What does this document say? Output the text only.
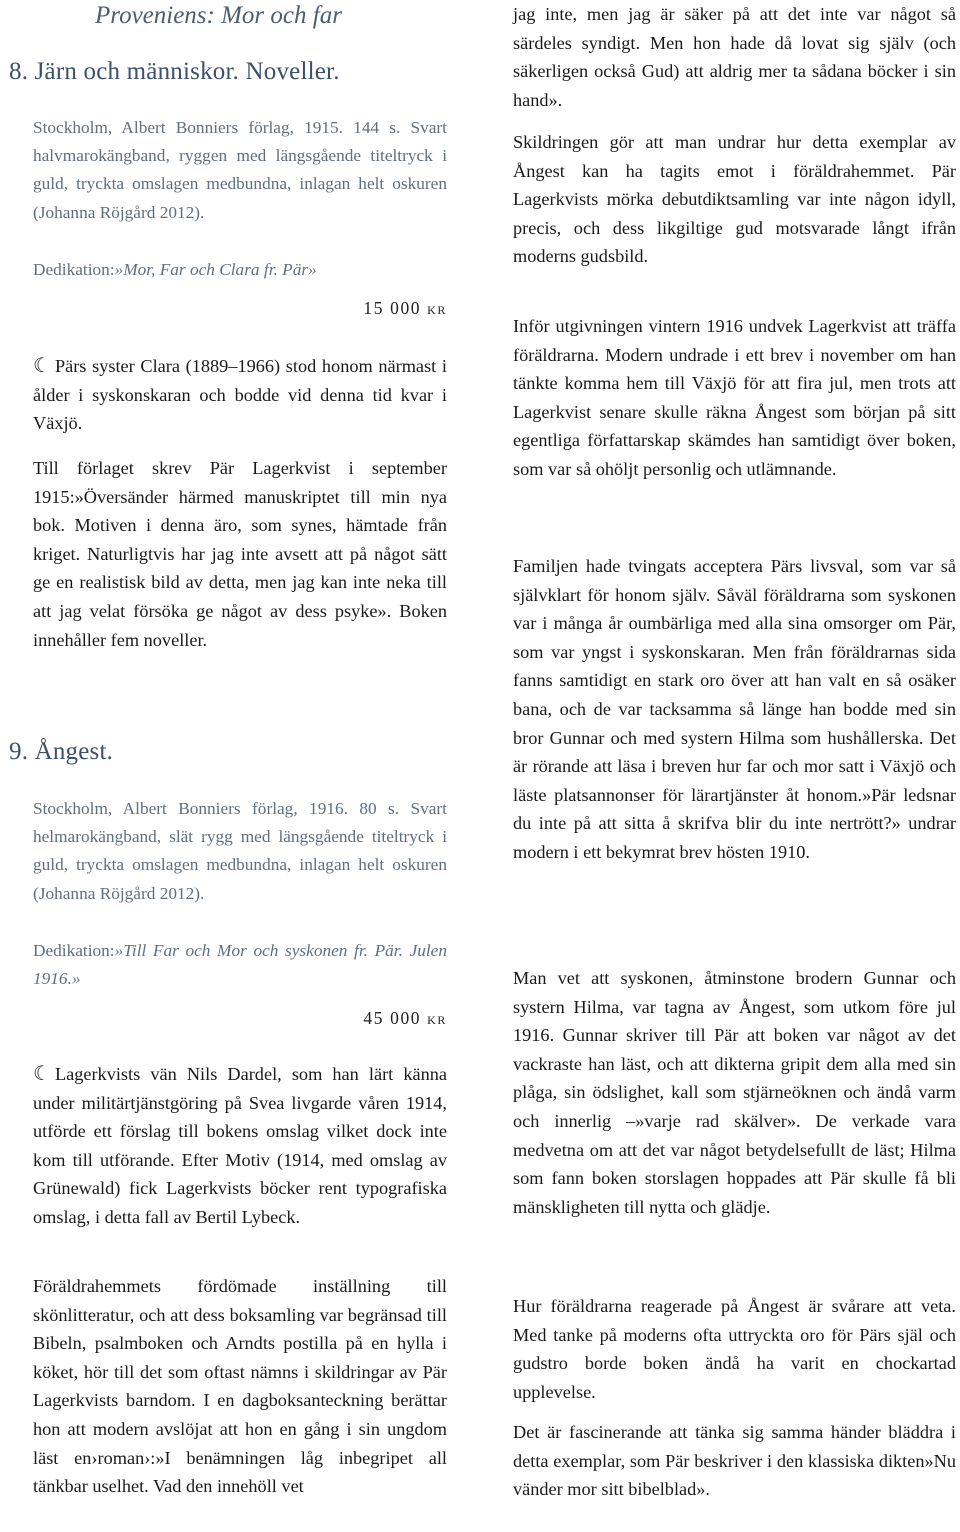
Proveniens: Mor och far
8. Järn och människor. Noveller.

Stockholm, Albert Bonniers förlag, 1915. 144 s. Svart halvmarokängband, ryggen med längsgående titeltryck i guld, tryckta omslagen medbundna, inlagan helt oskuren (Johanna Röjgård 2012).

Dedikation:»Mor, Far och Clara fr. Pär»

15 000 kr

☾ Pärs syster Clara (1889–1966) stod honom närmast i ålder i syskonskaran och bodde vid denna tid kvar i Växjö.

Till förlaget skrev Pär Lagerkvist i september 1915:»Översänder härmed manuskriptet till min nya bok. Motiven i denna äro, som synes, hämtade från kriget. Naturligtvis har jag inte avsett att på något sätt ge en realistisk bild av detta, men jag kan inte neka till att jag velat försöka ge något av dess psyke». Boken innehåller fem noveller.

9. Ångest.

Stockholm, Albert Bonniers förlag, 1916. 80 s. Svart helmarokängband, slät rygg med längsgående titeltryck i guld, tryckta omslagen medbundna, inlagan helt oskuren (Johanna Röjgård 2012).

Dedikation:»Till Far och Mor och syskonen fr. Pär. Julen 1916.»

45 000 kr

☾ Lagerkvists vän Nils Dardel, som han lärt känna under militärtjänstgöring på Svea livgarde våren 1914, utförde ett förslag till bokens omslag vilket dock inte kom till utförande. Efter Motiv (1914, med omslag av Grünewald) fick Lagerkvists böcker rent typografiska omslag, i detta fall av Bertil Lybeck.

Föräldrahemmets fördömade inställning till skönlitteratur, och att dess boksamling var begränsad till Bibeln, psalmboken och Arndts postilla på en hylla i köket, hör till det som oftast nämns i skildringar av Pär Lagerkvists barndom. I en dagboksanteckning berättar hon att modern avslöjat att hon en gång i sin ungdom läst en›roman›:»I benämningen låg inbegripet all tänkbar uselhet. Vad den innehöll vet

jag inte, men jag är säker på att det inte var något så särdeles syndigt. Men hon hade då lovat sig själv (och säkerligen också Gud) att aldrig mer ta sådana böcker i sin hand».

Skildringen gör att man undrar hur detta exemplar av Ångest kan ha tagits emot i föräldrahemmet. Pär Lagerkvists mörka debutdiktsamling var inte någon idyll, precis, och dess likgiltige gud motsvarade långt ifrån moderns gudsbild.

Inför utgivningen vintern 1916 undvek Lagerkvist att träffa föräldrarna. Modern undrade i ett brev i november om han tänkte komma hem till Växjö för att fira jul, men trots att Lagerkvist senare skulle räkna Ångest som början på sitt egentliga författarskap skämdes han samtidigt över boken, som var så ohöljt personlig och utlämnande.

Familjen hade tvingats acceptera Pärs livsval, som var så självklart för honom själv. Såväl föräldrarna som syskonen var i många år oumbärliga med alla sina omsorger om Pär, som var yngst i syskonskaran. Men från föräldrarnas sida fanns samtidigt en stark oro över att han valt en så osäker bana, och de var tacksamma så länge han bodde med sin bror Gunnar och med systern Hilma som hushållerska. Det är rörande att läsa i breven hur far och mor satt i Växjö och läste platsannonser för lärartjänster åt honom.»Pär ledsnar du inte på att sitta å skrifva blir du inte nertrött?» undrar modern i ett bekymrat brev hösten 1910.

Man vet att syskonen, åtminstone brodern Gunnar och systern Hilma, var tagna av Ångest, som utkom före jul 1916. Gunnar skriver till Pär att boken var något av det vackraste han läst, och att dikterna gripit dem alla med sin plåga, sin ödslighet, kall som stjärneöknen och ändå varm och innerlig –»varje rad skälver». De verkade vara medvetna om att det var något betydelsefullt de läst; Hilma som fann boken storslagen hoppades att Pär skulle få bli mänskligheten till nytta och glädje.

Hur föräldrarna reagerade på Ångest är svårare att veta. Med tanke på moderns ofta uttryckta oro för Pärs själ och gudstro borde boken ändå ha varit en chockartad upplevelse.

Det är fascinerande att tänka sig samma händer bläddra i detta exemplar, som Pär beskriver i den klassiska dikten»Nu vänder mor sitt bibelblad».
